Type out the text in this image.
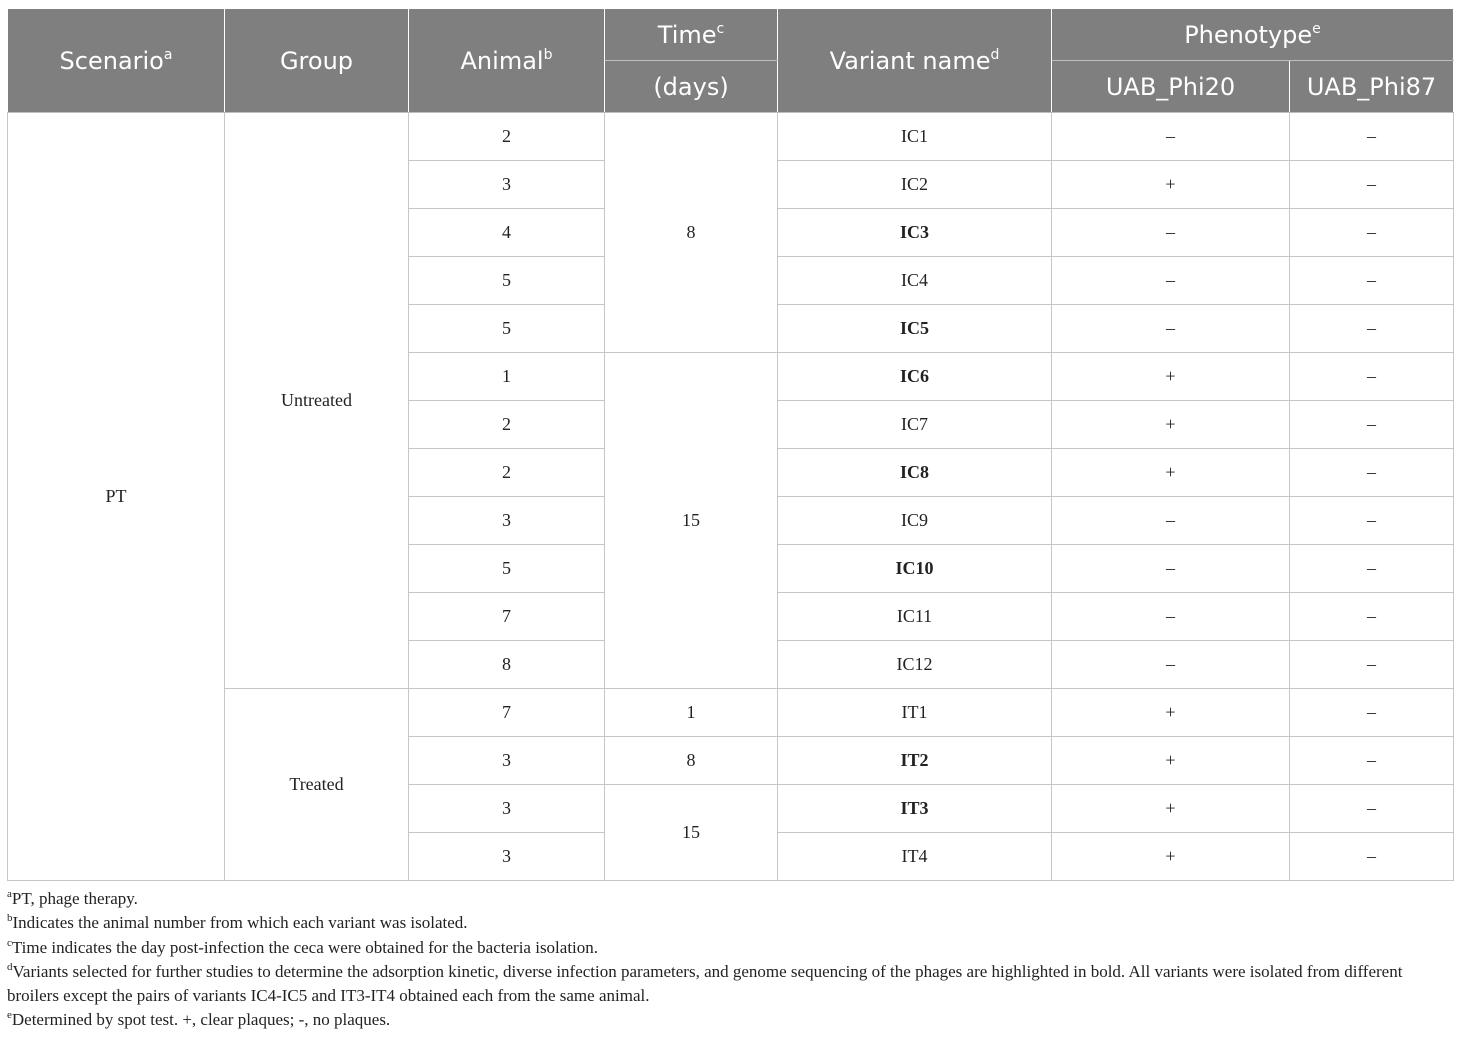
Scenario$^a$	Group	Animal$^b$	Time$^c$	Variant name$^d$	Phenotype$^e$
			(days)		UAB_Phi20	UAB_Phi87
PT	Untreated	2	8	IC1	–	–
		3		IC2	+	–
		4		IC3	–	–
		5		IC4	–	–
		5		IC5	–	–
		1	15	IC6	+	–
		2		IC7	+	–
		2		IC8	+	–
		3		IC9	–	–
		5		IC10	–	–
		7		IC11	–	–
		8		IC12	–	–
	Treated	7	1	IT1	+	–
		3	8	IT2	+	–
		3	15	IT3	+	–
		3		IT4	+	–

$^a$PT, phage therapy.

$^b$Indicates the animal number from which each variant was isolated.

$^c$Time indicates the day post-infection the ceca were obtained for the bacteria isolation.

$^d$Variants selected for further studies to determine the adsorption kinetic, diverse infection parameters, and genome sequencing of the phages are highlighted in bold. All variants were isolated from different broilers except the pairs of variants IC4-IC5 and IT3-IT4 obtained each from the same animal.

$^e$Determined by spot test. +, clear plaques; -, no plaques.
